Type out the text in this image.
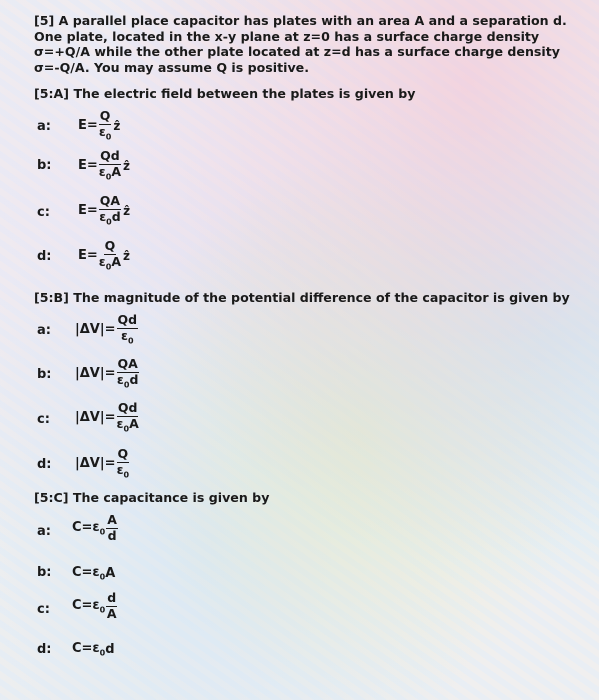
[5] A parallel place capacitor has plates with an area A and a separation d. One plate, located in the x-y plane at z=0 has a surface charge density σ=+Q/A while the other plate located at z=d has a surface charge density σ=-Q/A. You may assume Q is positive.

[5:A] The electric field between the plates is given by

a: $E= \frac{Q}{\varepsilon_0}$ ẑ
b: $E= \frac{Qd}{\varepsilon_0A}$ ẑ
c: $E= \frac{QA}{\varepsilon_0d}$ ẑ
d: $E= \frac{Q}{\varepsilon_0A}$ ẑ

[5:B] The magnitude of the potential difference of the capacitor is given by

a: $|\Delta V|= \frac{Qd}{\varepsilon_0}$
b: $|\Delta V|= \frac{QA}{\varepsilon_0d}$
c: $|\Delta V|= \frac{Qd}{\varepsilon_0A}$
d: $|\Delta V|= \frac{Q}{\varepsilon_0}$

[5:C] The capacitance is given by

a: $C=\varepsilon_0 \frac{A}{d}$
b: $C=\varepsilon_0$ A
c: $C=\varepsilon_0 \frac{d}{A}$
d: $C=\varepsilon_0$ d
